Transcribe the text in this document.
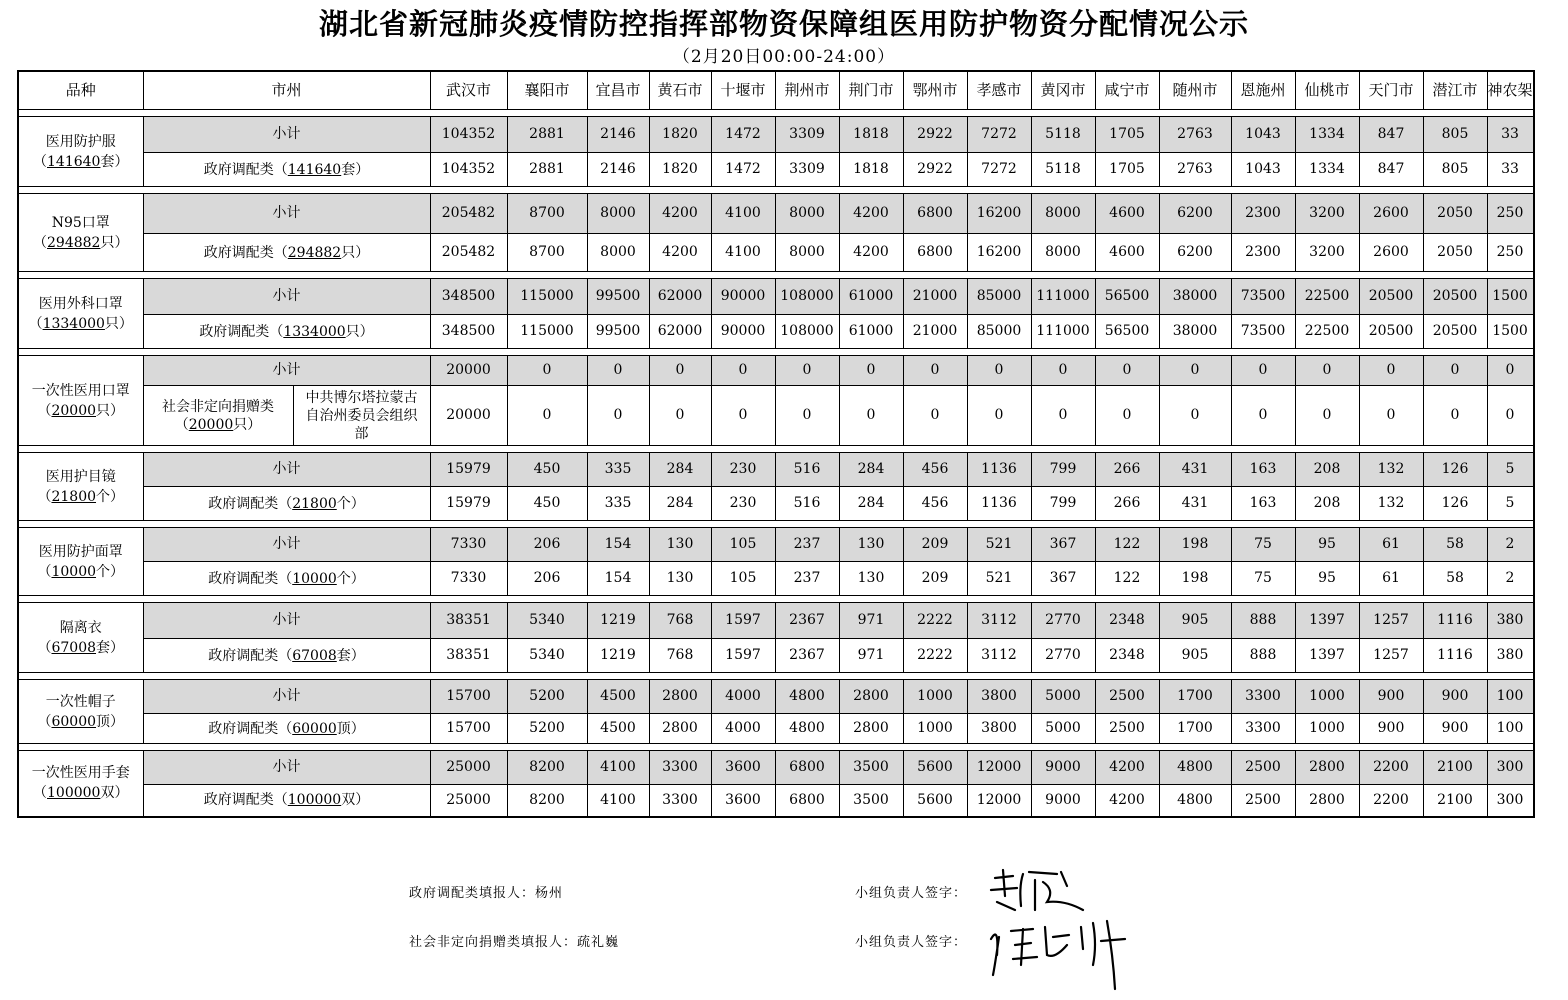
湖北省新冠肺炎疫情防控指挥部物资保障组医用防护物资分配情况公示
（2月20日00:00-24:00）
品种	市州		武汉市	襄阳市	宜昌市	黄石市	十堰市	荆州市	荆门市	鄂州市	孝感市	黄冈市	咸宁市	随州市	恩施州	仙桃市	天门市	潜江市	神农架

医用防护服
（141640套）	小计		104352	2881	2146	1820	1472	3309	1818	2922	7272	5118	1705	2763	1043	1334	847	805	33
	政府调配类（141640套）		104352	2881	2146	1820	1472	3309	1818	2922	7272	5118	1705	2763	1043	1334	847	805	33

N95口罩
（294882只）	小计		205482	8700	8000	4200	4100	8000	4200	6800	16200	8000	4600	6200	2300	3200	2600	2050	250
	政府调配类（294882只）		205482	8700	8000	4200	4100	8000	4200	6800	16200	8000	4600	6200	2300	3200	2600	2050	250

医用外科口罩
（1334000只）	小计		348500	115000	99500	62000	90000	108000	61000	21000	85000	111000	56500	38000	73500	22500	20500	20500	1500
	政府调配类（1334000只）		348500	115000	99500	62000	90000	108000	61000	21000	85000	111000	56500	38000	73500	22500	20500	20500	1500

一次性医用口罩
（20000只）	小计		20000	0	0	0	0	0	0	0	0	0	0	0	0	0	0	0	0
	社会非定向捐赠类
（20000只）	中共博尔塔拉蒙古自治州委员会组织部	20000	0	0	0	0	0	0	0	0	0	0	0	0	0	0	0	0

医用护目镜
（21800个）	小计		15979	450	335	284	230	516	284	456	1136	799	266	431	163	208	132	126	5
	政府调配类（21800个）		15979	450	335	284	230	516	284	456	1136	799	266	431	163	208	132	126	5

医用防护面罩
（10000个）	小计		7330	206	154	130	105	237	130	209	521	367	122	198	75	95	61	58	2
	政府调配类（10000个）		7330	206	154	130	105	237	130	209	521	367	122	198	75	95	61	58	2

隔离衣
（67008套）	小计		38351	5340	1219	768	1597	2367	971	2222	3112	2770	2348	905	888	1397	1257	1116	380
	政府调配类（67008套）		38351	5340	1219	768	1597	2367	971	2222	3112	2770	2348	905	888	1397	1257	1116	380

一次性帽子
（60000顶）	小计		15700	5200	4500	2800	4000	4800	2800	1000	3800	5000	2500	1700	3300	1000	900	900	100
	政府调配类（60000顶）		15700	5200	4500	2800	4000	4800	2800	1000	3800	5000	2500	1700	3300	1000	900	900	100

一次性医用手套
（100000双）	小计		25000	8200	4100	3300	3600	6800	3500	5600	12000	9000	4200	4800	2500	2800	2200	2100	300
	政府调配类（100000双）		25000	8200	4100	3300	3600	6800	3500	5600	12000	9000	4200	4800	2500	2800	2200	2100	300
政府调配类填报人：杨州
社会非定向捐赠类填报人：疏礼巍
小组负责人签字：
小组负责人签字：
